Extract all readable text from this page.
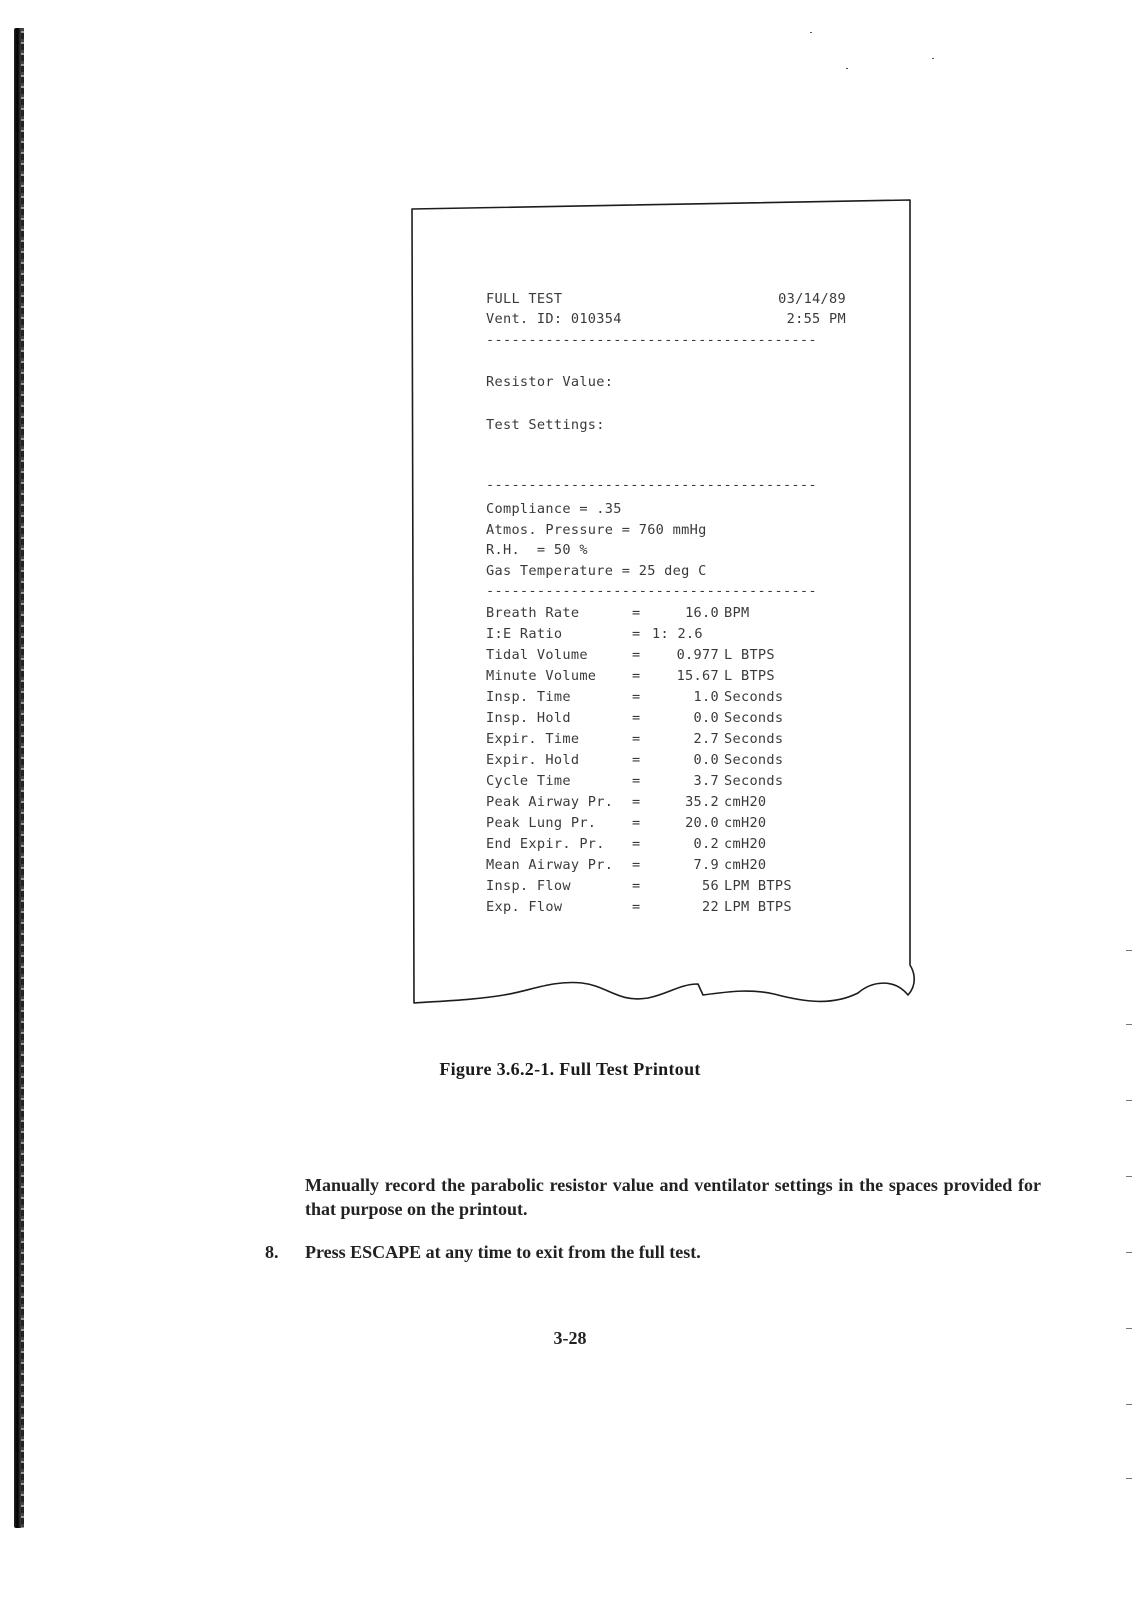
FULL TEST	03/14/89
Vent. ID: 010354	2:55 PM
---------------------------------------
Resistor Value:
Test Settings:
---------------------------------------
Compliance = .35
Atmos. Pressure = 760 mmHg
R.H.  = 50 %
Gas Temperature = 25 deg C
---------------------------------------
Breath Rate	=	16.0 BPM
I:E Ratio	= 1: 2.6
Tidal Volume	=	0.977 L BTPS
Minute Volume	=	15.67 L BTPS
Insp. Time	=	1.0 Seconds
Insp. Hold	=	0.0 Seconds
Expir. Time	=	2.7 Seconds
Expir. Hold	=	0.0 Seconds
Cycle Time	=	3.7 Seconds
Peak Airway Pr.	=	35.2 cmH20
Peak Lung Pr.	=	20.0 cmH20
End Expir. Pr.	=	0.2 cmH20
Mean Airway Pr.	=	7.9 cmH20
Insp. Flow	=	56 LPM BTPS
Exp. Flow	=	22 LPM BTPS
Figure 3.6.2-1. Full Test Printout
Manually record the parabolic resistor value and ventilator settings in the spaces provided for that purpose on the printout.
8. Press ESCAPE at any time to exit from the full test.
3-28
